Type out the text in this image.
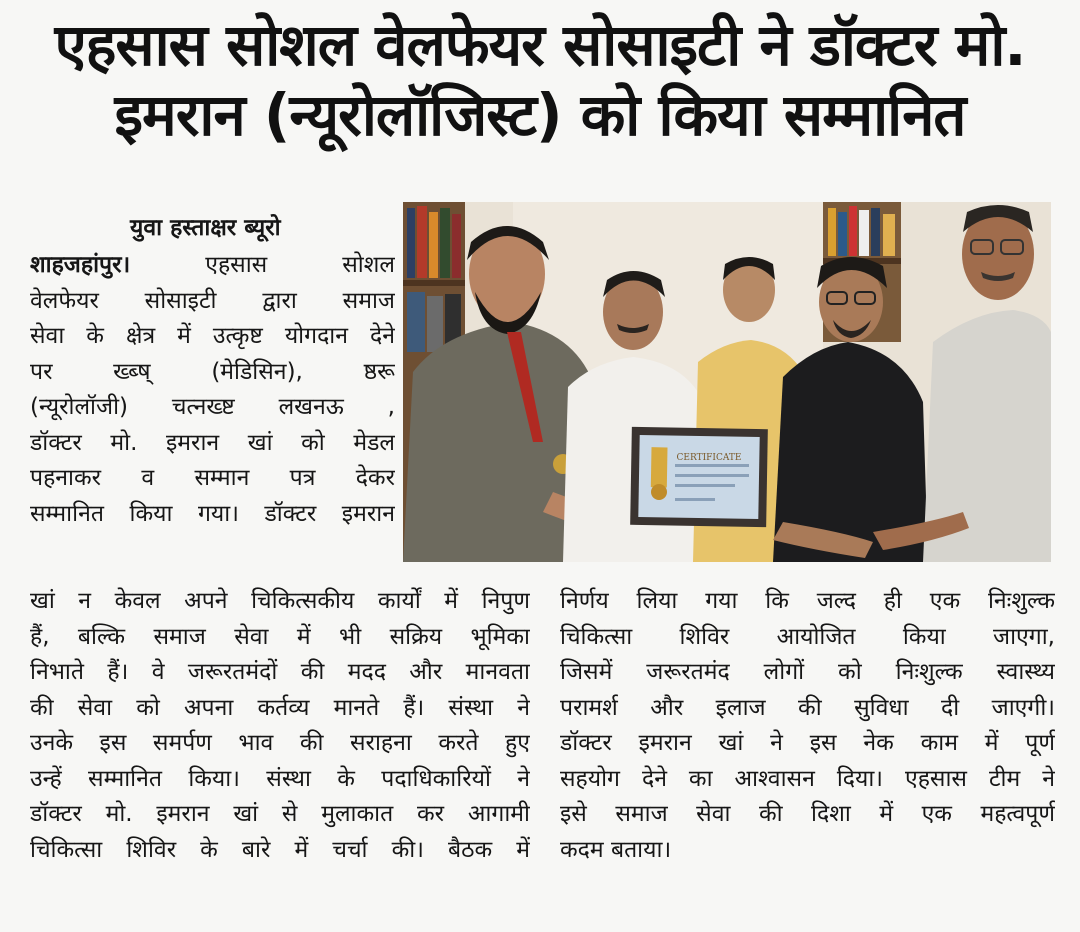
एहसास सोशल वेलफेयर सोसाइटी ने डॉक्टर मो.
इमरान (न्यूरोलॉजिस्ट) को किया सम्मानित
युवा हस्ताक्षर ब्यूरो
शाहजहांपुर। एहसास सोशल
वेलफेयर सोसाइटी द्वारा समाज
सेवा के क्षेत्र में उत्कृष्ट योगदान देने
पर ख्ब्ष् (मेडिसिन), ष्ठरू
(न्यूरोलॉजी) चत्नख्ष्ट लखनऊ ,
डॉक्टर मो. इमरान खां को मेडल
पहनाकर व सम्मान पत्र देकर
सम्मानित किया गया। डॉक्टर इमरान
CERTIFICATE
खां न केवल अपने चिकित्सकीय कार्यों में निपुण
हैं, बल्कि समाज सेवा में भी सक्रिय भूमिका
निभाते हैं। वे जरूरतमंदों की मदद और मानवता
की सेवा को अपना कर्तव्य मानते हैं। संस्था ने
उनके इस समर्पण भाव की सराहना करते हुए
उन्हें सम्मानित किया। संस्था के पदाधिकारियों ने
डॉक्टर मो. इमरान खां से मुलाकात कर आगामी
चिकित्सा शिविर के बारे में चर्चा की। बैठक में
निर्णय लिया गया कि जल्द ही एक निःशुल्क
चिकित्सा शिविर आयोजित किया जाएगा,
जिसमें जरूरतमंद लोगों को निःशुल्क स्वास्थ्य
परामर्श और इलाज की सुविधा दी जाएगी।
डॉक्टर इमरान खां ने इस नेक काम में पूर्ण
सहयोग देने का आश्वासन दिया। एहसास टीम ने
इसे समाज सेवा की दिशा में एक महत्वपूर्ण
कदम बताया।
